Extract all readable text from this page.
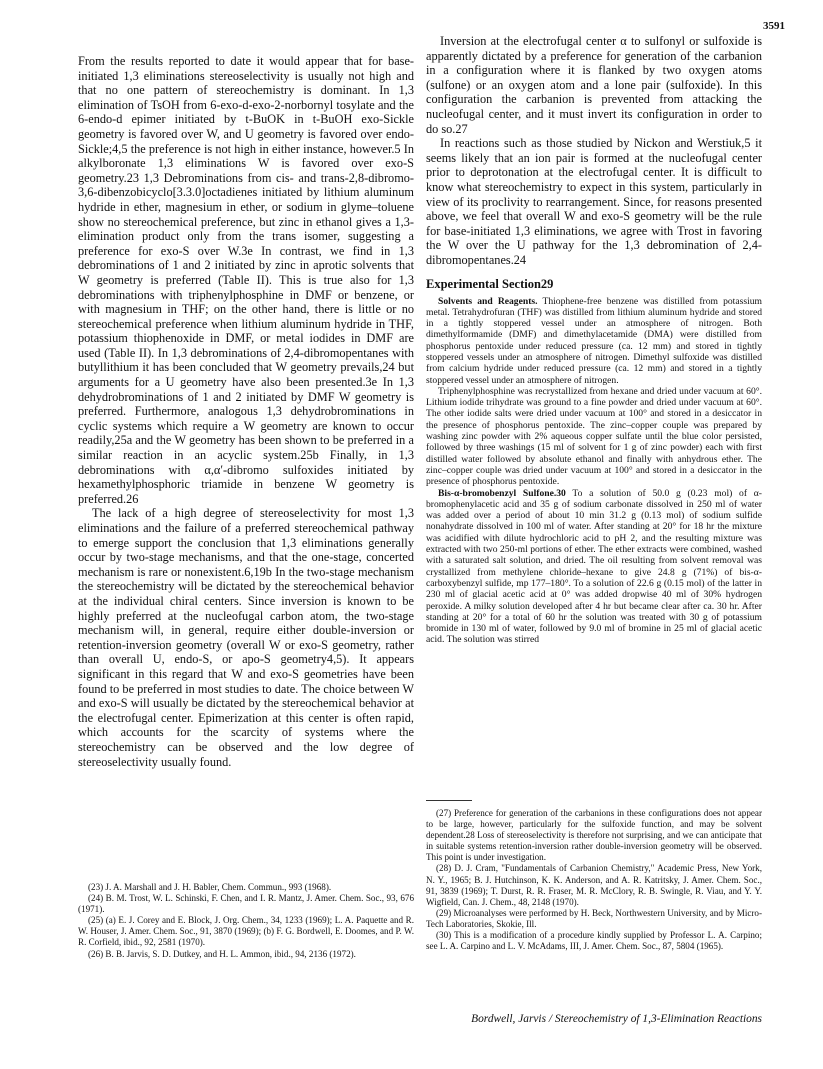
3591

From the results reported to date it would appear that for base-initiated 1,3 eliminations stereoselectivity is usually not high and that no one pattern of stereochemistry is dominant. In 1,3 elimination of TsOH from 6-exo-d-exo-2-norbornyl tosylate and the 6-endo-d epimer initiated by t-BuOK in t-BuOH exo-Sickle geometry is favored over W, and U geometry is favored over endo-Sickle;4,5 the preference is not high in either instance, however.5 In alkylboronate 1,3 eliminations W is favored over exo-S geometry.23 1,3 Debrominations from cis- and trans-2,8-dibromo-3,6-dibenzobicyclo[3.3.0]octadienes initiated by lithium aluminum hydride in ether, magnesium in ether, or sodium in glyme–toluene show no stereochemical preference, but zinc in ethanol gives a 1,3-elimination product only from the trans isomer, suggesting a preference for exo-S over W.3e In contrast, we find in 1,3 debrominations of 1 and 2 initiated by zinc in aprotic solvents that W geometry is preferred (Table II). This is true also for 1,3 debrominations with triphenylphosphine in DMF or benzene, or with magnesium in THF; on the other hand, there is little or no stereochemical preference when lithium aluminum hydride in THF, potassium thiophenoxide in DMF, or metal iodides in DMF are used (Table II). In 1,3 debrominations of 2,4-dibromopentanes with butyllithium it has been concluded that W geometry prevails,24 but arguments for a U geometry have also been presented.3e In 1,3 dehydrobrominations of 1 and 2 initiated by DMF W geometry is preferred. Furthermore, analogous 1,3 dehydrobrominations in cyclic systems which require a W geometry are known to occur readily,25a and the W geometry has been shown to be preferred in a similar reaction in an acyclic system.25b Finally, in 1,3 debrominations with α,α′-dibromo sulfoxides initiated by hexamethylphosphoric triamide in benzene W geometry is preferred.26

The lack of a high degree of stereoselectivity for most 1,3 eliminations and the failure of a preferred stereochemical pathway to emerge support the conclusion that 1,3 eliminations generally occur by two-stage mechanisms, and that the one-stage, concerted mechanism is rare or nonexistent.6,19b In the two-stage mechanism the stereochemistry will be dictated by the stereochemical behavior at the individual chiral centers. Since inversion is known to be highly preferred at the nucleofugal carbon atom, the two-stage mechanism will, in general, require either double-inversion or retention-inversion geometry (overall W or exo-S geometry, rather than overall U, endo-S, or apo-S geometry4,5). It appears significant in this regard that W and exo-S geometries have been found to be preferred in most studies to date. The choice between W and exo-S will usually be dictated by the stereochemical behavior at the electrofugal center. Epimerization at this center is often rapid, which accounts for the scarcity of systems where the stereochemistry can be observed and the low degree of stereoselectivity usually found.

(23) J. A. Marshall and J. H. Babler, Chem. Commun., 993 (1968).

(24) B. M. Trost, W. L. Schinski, F. Chen, and I. R. Mantz, J. Amer. Chem. Soc., 93, 676 (1971).

(25) (a) E. J. Corey and E. Block, J. Org. Chem., 34, 1233 (1969); L. A. Paquette and R. W. Houser, J. Amer. Chem. Soc., 91, 3870 (1969); (b) F. G. Bordwell, E. Doomes, and P. W. R. Corfield, ibid., 92, 2581 (1970).

(26) B. B. Jarvis, S. D. Dutkey, and H. L. Ammon, ibid., 94, 2136 (1972).

Inversion at the electrofugal center α to sulfonyl or sulfoxide is apparently dictated by a preference for generation of the carbanion in a configuration where it is flanked by two oxygen atoms (sulfone) or an oxygen atom and a lone pair (sulfoxide). In this configuration the carbanion is prevented from attacking the nucleofugal center, and it must invert its configuration in order to do so.27

In reactions such as those studied by Nickon and Werstiuk,5 it seems likely that an ion pair is formed at the nucleofugal center prior to deprotonation at the electrofugal center. It is difficult to know what stereochemistry to expect in this system, particularly in view of its proclivity to rearrangement. Since, for reasons presented above, we feel that overall W and exo-S geometry will be the rule for base-initiated 1,3 eliminations, we agree with Trost in favoring the W over the U pathway for the 1,3 debromination of 2,4-dibromopentanes.24

Experimental Section29

Solvents and Reagents. Thiophene-free benzene was distilled from potassium metal. Tetrahydrofuran (THF) was distilled from lithium aluminum hydride and stored in a tightly stoppered vessel under an atmosphere of nitrogen. Both dimethylformamide (DMF) and dimethylacetamide (DMA) were distilled from phosphorus pentoxide under reduced pressure (ca. 12 mm) and stored in tightly stoppered vessels under an atmosphere of nitrogen. Dimethyl sulfoxide was distilled from calcium hydride under reduced pressure (ca. 12 mm) and stored in a tightly stoppered vessel under an atmosphere of nitrogen.

Triphenylphosphine was recrystallized from hexane and dried under vacuum at 60°. Lithium iodide trihydrate was ground to a fine powder and dried under vacuum at 60°. The other iodide salts were dried under vacuum at 100° and stored in a desiccator in the presence of phosphorus pentoxide. The zinc–copper couple was prepared by washing zinc powder with 2% aqueous copper sulfate until the blue color persisted, followed by three washings (15 ml of solvent for 1 g of zinc powder) each with first distilled water followed by absolute ethanol and finally with anhydrous ether. The zinc–copper couple was dried under vacuum at 100° and stored in a desiccator in the presence of phosphorus pentoxide.

Bis-α-bromobenzyl Sulfone.30 To a solution of 50.0 g (0.23 mol) of α-bromophenylacetic acid and 35 g of sodium carbonate dissolved in 250 ml of water was added over a period of about 10 min 31.2 g (0.13 mol) of sodium sulfide nonahydrate dissolved in 100 ml of water. After standing at 20° for 18 hr the mixture was acidified with dilute hydrochloric acid to pH 2, and the resulting mixture was extracted with two 250-ml portions of ether. The ether extracts were combined, washed with a saturated salt solution, and dried. The oil resulting from solvent removal was crystallized from methylene chloride–hexane to give 24.8 g (71%) of bis-α-carboxybenzyl sulfide, mp 177–180°. To a solution of 22.6 g (0.15 mol) of the latter in 230 ml of glacial acetic acid at 0° was added dropwise 40 ml of 30% hydrogen peroxide. A milky solution developed after 4 hr but became clear after ca. 30 hr. After standing at 20° for a total of 60 hr the solution was treated with 30 g of potassium bromide in 130 ml of water, followed by 9.0 ml of bromine in 25 ml of glacial acetic acid. The solution was stirred

(27) Preference for generation of the carbanions in these configurations does not appear to be large, however, particularly for the sulfoxide function, and may be solvent dependent.28 Loss of stereoselectivity is therefore not surprising, and we can anticipate that in suitable systems retention-inversion rather double-inversion geometry will be observed. This point is under investigation.

(28) D. J. Cram, "Fundamentals of Carbanion Chemistry," Academic Press, New York, N. Y., 1965; B. J. Hutchinson, K. K. Anderson, and A. R. Katritsky, J. Amer. Chem. Soc., 91, 3839 (1969); T. Durst, R. R. Fraser, M. R. McClory, R. B. Swingle, R. Viau, and Y. Y. Wigfield, Can. J. Chem., 48, 2148 (1970).

(29) Microanalyses were performed by H. Beck, Northwestern University, and by Micro-Tech Laboratories, Skokie, Ill.

(30) This is a modification of a procedure kindly supplied by Professor L. A. Carpino; see L. A. Carpino and L. V. McAdams, III, J. Amer. Chem. Soc., 87, 5804 (1965).

Bordwell, Jarvis / Stereochemistry of 1,3-Elimination Reactions
